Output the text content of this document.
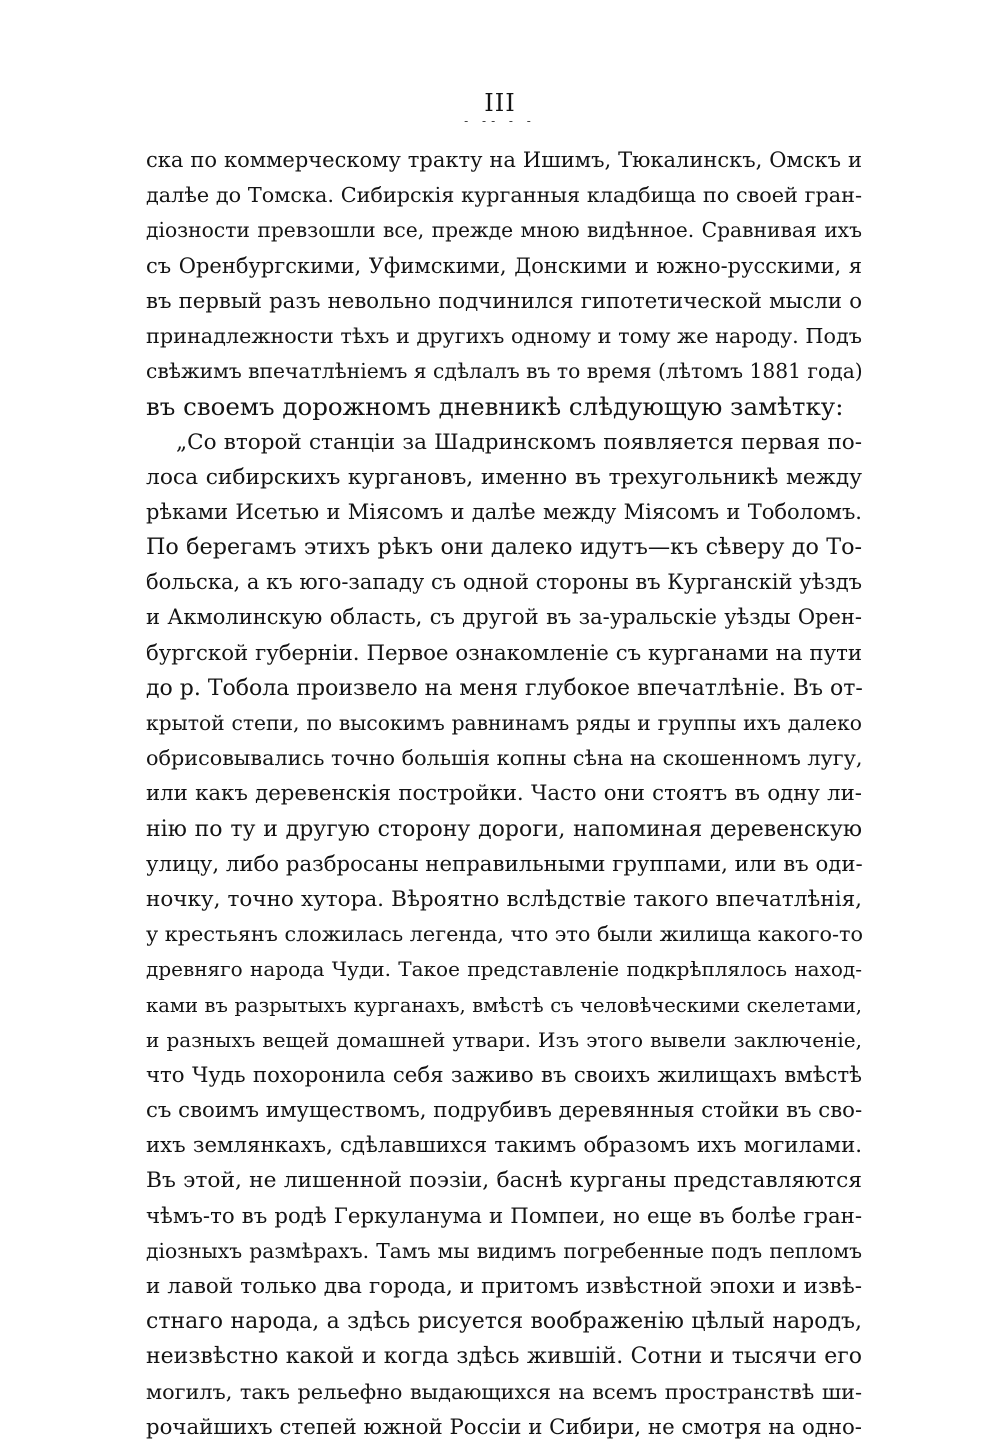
III
- -- - -
ска по коммерческому тракту на Ишимъ, Тюкалинскъ, Омскъ и
далѣе до Томска. Сибирскія курганныя кладбища по своей гран-
діозности превзошли все, прежде мною видѣнное. Сравнивая ихъ
съ Оренбургскими, Уфимскими, Донскими и южно-русскими, я
въ первый разъ невольно подчинился гипотетической мысли о
принадлежности тѣхъ и другихъ одному и тому же народу. Подъ
свѣжимъ впечатлѣніемъ я сдѣлалъ въ то время (лѣтомъ 1881 года)
въ своемъ дорожномъ дневникѣ слѣдующую замѣтку:
„Со второй станціи за Шадринскомъ появляется первая по-
лоса сибирскихъ кургановъ, именно въ трехугольникѣ между
рѣками Исетью и Міясомъ и далѣе между Міясомъ и Тоболомъ.
По берегамъ этихъ рѣкъ они далеко идутъ—къ сѣверу до То-
больска, а къ юго-западу съ одной стороны въ Курганскій уѣздъ
и Акмолинскую область, съ другой въ за-уральскіе уѣзды Орен-
бургской губерніи. Первое ознакомленіе съ курганами на пути
до р. Тобола произвело на меня глубокое впечатлѣніе. Въ от-
крытой степи, по высокимъ равнинамъ ряды и группы ихъ далеко
обрисовывались точно большія копны сѣна на скошенномъ лугу,
или какъ деревенскія постройки. Часто они стоятъ въ одну ли-
нію по ту и другую сторону дороги, напоминая деревенскую
улицу, либо разбросаны неправильными группами, или въ оди-
ночку, точно хутора. Вѣроятно вслѣдствіе такого впечатлѣнія,
у крестьянъ сложилась легенда, что это были жилища какого-то
древняго народа Чуди. Такое представленіе подкрѣплялось наход-
ками въ разрытыхъ курганахъ, вмѣстѣ съ человѣческими скелетами,
и разныхъ вещей домашней утвари. Изъ этого вывели заключеніе,
что Чудь похоронила себя заживо въ своихъ жилищахъ вмѣстѣ
съ своимъ имуществомъ, подрубивъ деревянныя стойки въ сво-
ихъ землянкахъ, сдѣлавшихся такимъ образомъ ихъ могилами.
Въ этой, не лишенной поэзіи, баснѣ курганы представляются
чѣмъ-то въ родѣ Геркуланума и Помпеи, но еще въ болѣе гран-
діозныхъ размѣрахъ. Тамъ мы видимъ погребенные подъ пепломъ
и лавой только два города, и притомъ извѣстной эпохи и извѣ-
стнаго народа, а здѣсь рисуется воображенію цѣлый народъ,
неизвѣстно какой и когда здѣсь жившій. Сотни и тысячи его
могилъ, такъ рельефно выдающихся на всемъ пространствѣ ши-
рочайшихъ степей южной Россіи и Сибири, не смотря на одно-
